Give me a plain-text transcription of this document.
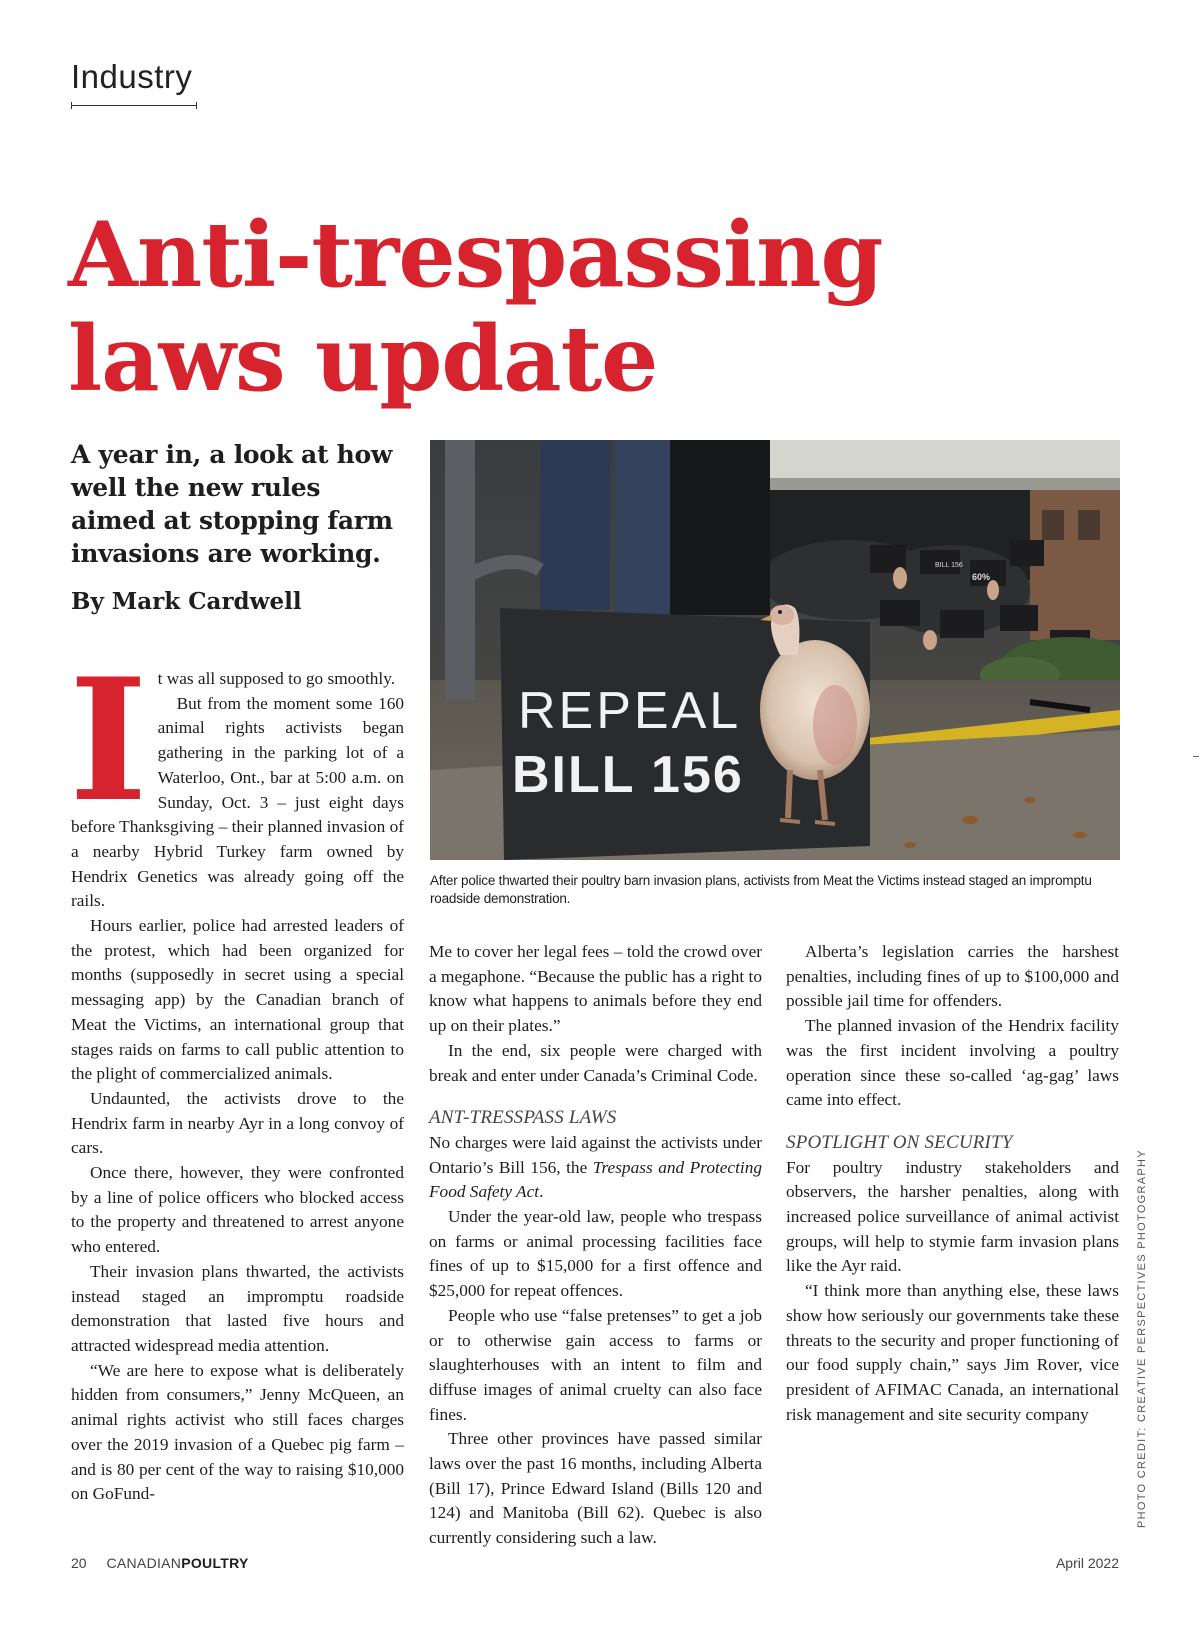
Industry
Anti-trespassing laws update
A year in, a look at how well the new rules aimed at stopping farm invasions are working.
By Mark Cardwell
BILL 156
60%
REPEAL
BILL 156
After police thwarted their poultry barn invasion plans, activists from Meat the Victims instead staged an impromptu roadside demonstration.
I t was all supposed to go smoothly.

But from the moment some 160 animal rights activists began gathering in the parking lot of a Waterloo, Ont., bar at 5:00 a.m. on Sunday, Oct. 3 – just eight days before Thanksgiving – their planned invasion of a nearby Hybrid Turkey farm owned by Hendrix Genetics was already going off the rails.

Hours earlier, police had arrested leaders of the protest, which had been organized for months (supposedly in secret using a special messaging app) by the Canadian branch of Meat the Victims, an international group that stages raids on farms to call public attention to the plight of commercialized animals.

Undaunted, the activists drove to the Hendrix farm in nearby Ayr in a long convoy of cars.

Once there, however, they were confronted by a line of police officers who blocked access to the property and threatened to arrest anyone who entered.

Their invasion plans thwarted, the activists instead staged an impromptu roadside demonstration that lasted five hours and attracted widespread media attention.

“We are here to expose what is deliberately hidden from consumers,” Jenny McQueen, an animal rights activist who still faces charges over the 2019 invasion of a Quebec pig farm – and is 80 per cent of the way to raising $10,000 on GoFund-

Me to cover her legal fees – told the crowd over a megaphone. “Because the public has a right to know what happens to animals before they end up on their plates.”

In the end, six people were charged with break and enter under Canada’s Criminal Code.

ANT-TRESSPASS LAWS

No charges were laid against the activists under Ontario’s Bill 156, the Trespass and Protecting Food Safety Act.

Under the year-old law, people who trespass on farms or animal processing facilities face fines of up to $15,000 for a first offence and $25,000 for repeat offences.

People who use “false pretenses” to get a job or to otherwise gain access to farms or slaughterhouses with an intent to film and diffuse images of animal cruelty can also face fines.

Three other provinces have passed similar laws over the past 16 months, including Alberta (Bill 17), Prince Edward Island (Bills 120 and 124) and Manitoba (Bill 62). Quebec is also currently considering such a law.

Alberta’s legislation carries the harshest penalties, including fines of up to $100,000 and possible jail time for offenders.

The planned invasion of the Hendrix facility was the first incident involving a poultry operation since these so-called ‘ag-gag’ laws came into effect.

SPOTLIGHT ON SECURITY

For poultry industry stakeholders and observers, the harsher penalties, along with increased police surveillance of animal activist groups, will help to stymie farm invasion plans like the Ayr raid.

“I think more than anything else, these laws show how seriously our governments take these threats to the security and proper functioning of our food supply chain,” says Jim Rover, vice president of AFIMAC Canada, an international risk management and site security company	PHOTO CREDIT: CREATIVE PERSPECTIVES PHOTOGRAPHY
20 CANADIANPOULTRY	April 2022
